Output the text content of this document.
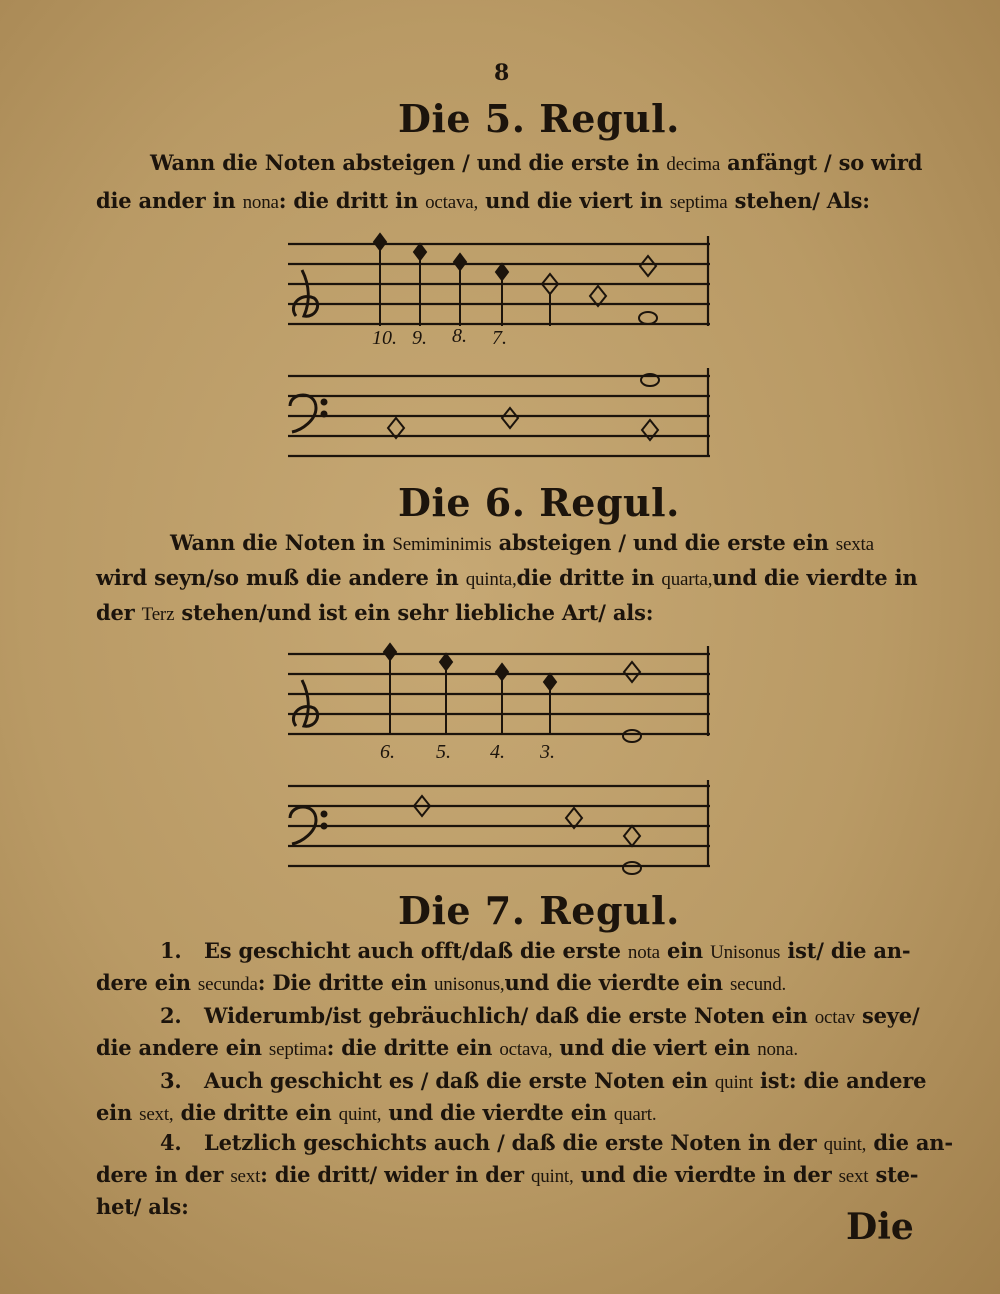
8
Die 5. Regul.
Wann die Noten absteigen / und die erste in decima anfängt / so wird
die ander in nona: die dritt in octava, und die viert in septima stehen/ Als:
10. 9. 8. 7.
Die 6. Regul.
Wann die Noten in Semiminimis absteigen / und die erste ein sexta
wird seyn/so muß die andere in quinta,die dritte in quarta,und die vierdte in
der Terz stehen/und ist ein sehr liebliche Art/ als:
6. 5. 4. 3.
Die 7. Regul.
1. Es geschicht auch offt/daß die erste nota ein Unisonus ist/ die an-
dere ein secunda: Die dritte ein unisonus,und die vierdte ein secund.
2. Widerumb/ist gebräuchlich/ daß die erste Noten ein octav seye/
die andere ein septima: die dritte ein octava, und die viert ein nona.
3. Auch geschicht es / daß die erste Noten ein quint ist: die andere
ein sext, die dritte ein quint, und die vierdte ein quart.
4. Letzlich geschichts auch / daß die erste Noten in der quint, die an-
dere in der sext: die dritt/ wider in der quint, und die vierdte in der sext ste-
het/ als:	Die
